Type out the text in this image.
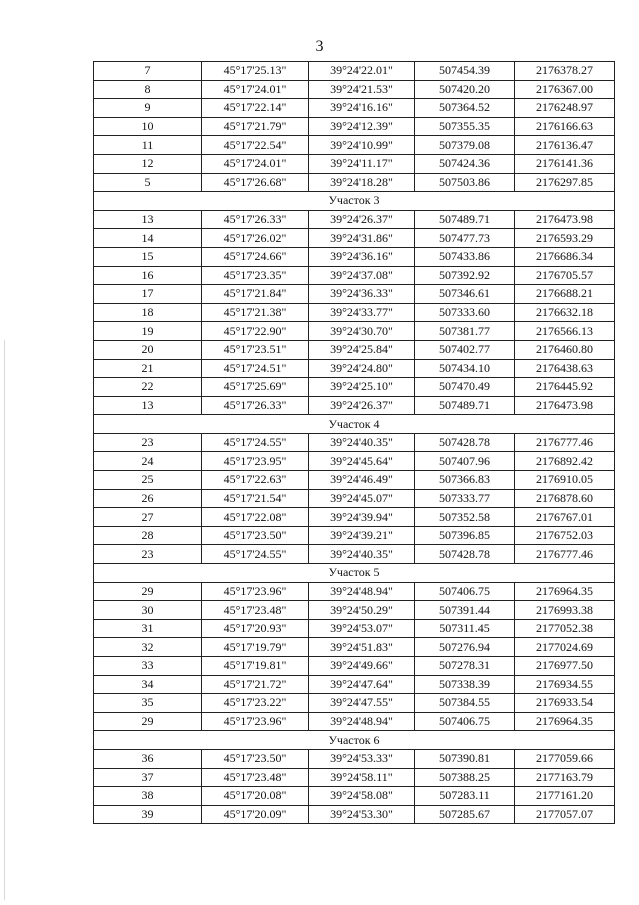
3
7	45°17'25.13"	39°24'22.01"	507454.39	2176378.27
8	45°17'24.01"	39°24'21.53"	507420.20	2176367.00
9	45°17'22.14"	39°24'16.16"	507364.52	2176248.97
10	45°17'21.79"	39°24'12.39"	507355.35	2176166.63
11	45°17'22.54"	39°24'10.99"	507379.08	2176136.47
12	45°17'24.01"	39°24'11.17"	507424.36	2176141.36
5	45°17'26.68"	39°24'18.28"	507503.86	2176297.85
Участок 3				
13	45°17'26.33"	39°24'26.37"	507489.71	2176473.98
14	45°17'26.02"	39°24'31.86"	507477.73	2176593.29
15	45°17'24.66"	39°24'36.16"	507433.86	2176686.34
16	45°17'23.35"	39°24'37.08"	507392.92	2176705.57
17	45°17'21.84"	39°24'36.33"	507346.61	2176688.21
18	45°17'21.38"	39°24'33.77"	507333.60	2176632.18
19	45°17'22.90"	39°24'30.70"	507381.77	2176566.13
20	45°17'23.51"	39°24'25.84"	507402.77	2176460.80
21	45°17'24.51"	39°24'24.80"	507434.10	2176438.63
22	45°17'25.69"	39°24'25.10"	507470.49	2176445.92
13	45°17'26.33"	39°24'26.37"	507489.71	2176473.98
Участок 4				
23	45°17'24.55"	39°24'40.35"	507428.78	2176777.46
24	45°17'23.95"	39°24'45.64"	507407.96	2176892.42
25	45°17'22.63"	39°24'46.49"	507366.83	2176910.05
26	45°17'21.54"	39°24'45.07"	507333.77	2176878.60
27	45°17'22.08"	39°24'39.94"	507352.58	2176767.01
28	45°17'23.50"	39°24'39.21"	507396.85	2176752.03
23	45°17'24.55"	39°24'40.35"	507428.78	2176777.46
Участок 5				
29	45°17'23.96"	39°24'48.94"	507406.75	2176964.35
30	45°17'23.48"	39°24'50.29"	507391.44	2176993.38
31	45°17'20.93"	39°24'53.07"	507311.45	2177052.38
32	45°17'19.79"	39°24'51.83"	507276.94	2177024.69
33	45°17'19.81"	39°24'49.66"	507278.31	2176977.50
34	45°17'21.72"	39°24'47.64"	507338.39	2176934.55
35	45°17'23.22"	39°24'47.55"	507384.55	2176933.54
29	45°17'23.96"	39°24'48.94"	507406.75	2176964.35
Участок 6				
36	45°17'23.50"	39°24'53.33"	507390.81	2177059.66
37	45°17'23.48"	39°24'58.11"	507388.25	2177163.79
38	45°17'20.08"	39°24'58.08"	507283.11	2177161.20
39	45°17'20.09"	39°24'53.30"	507285.67	2177057.07
